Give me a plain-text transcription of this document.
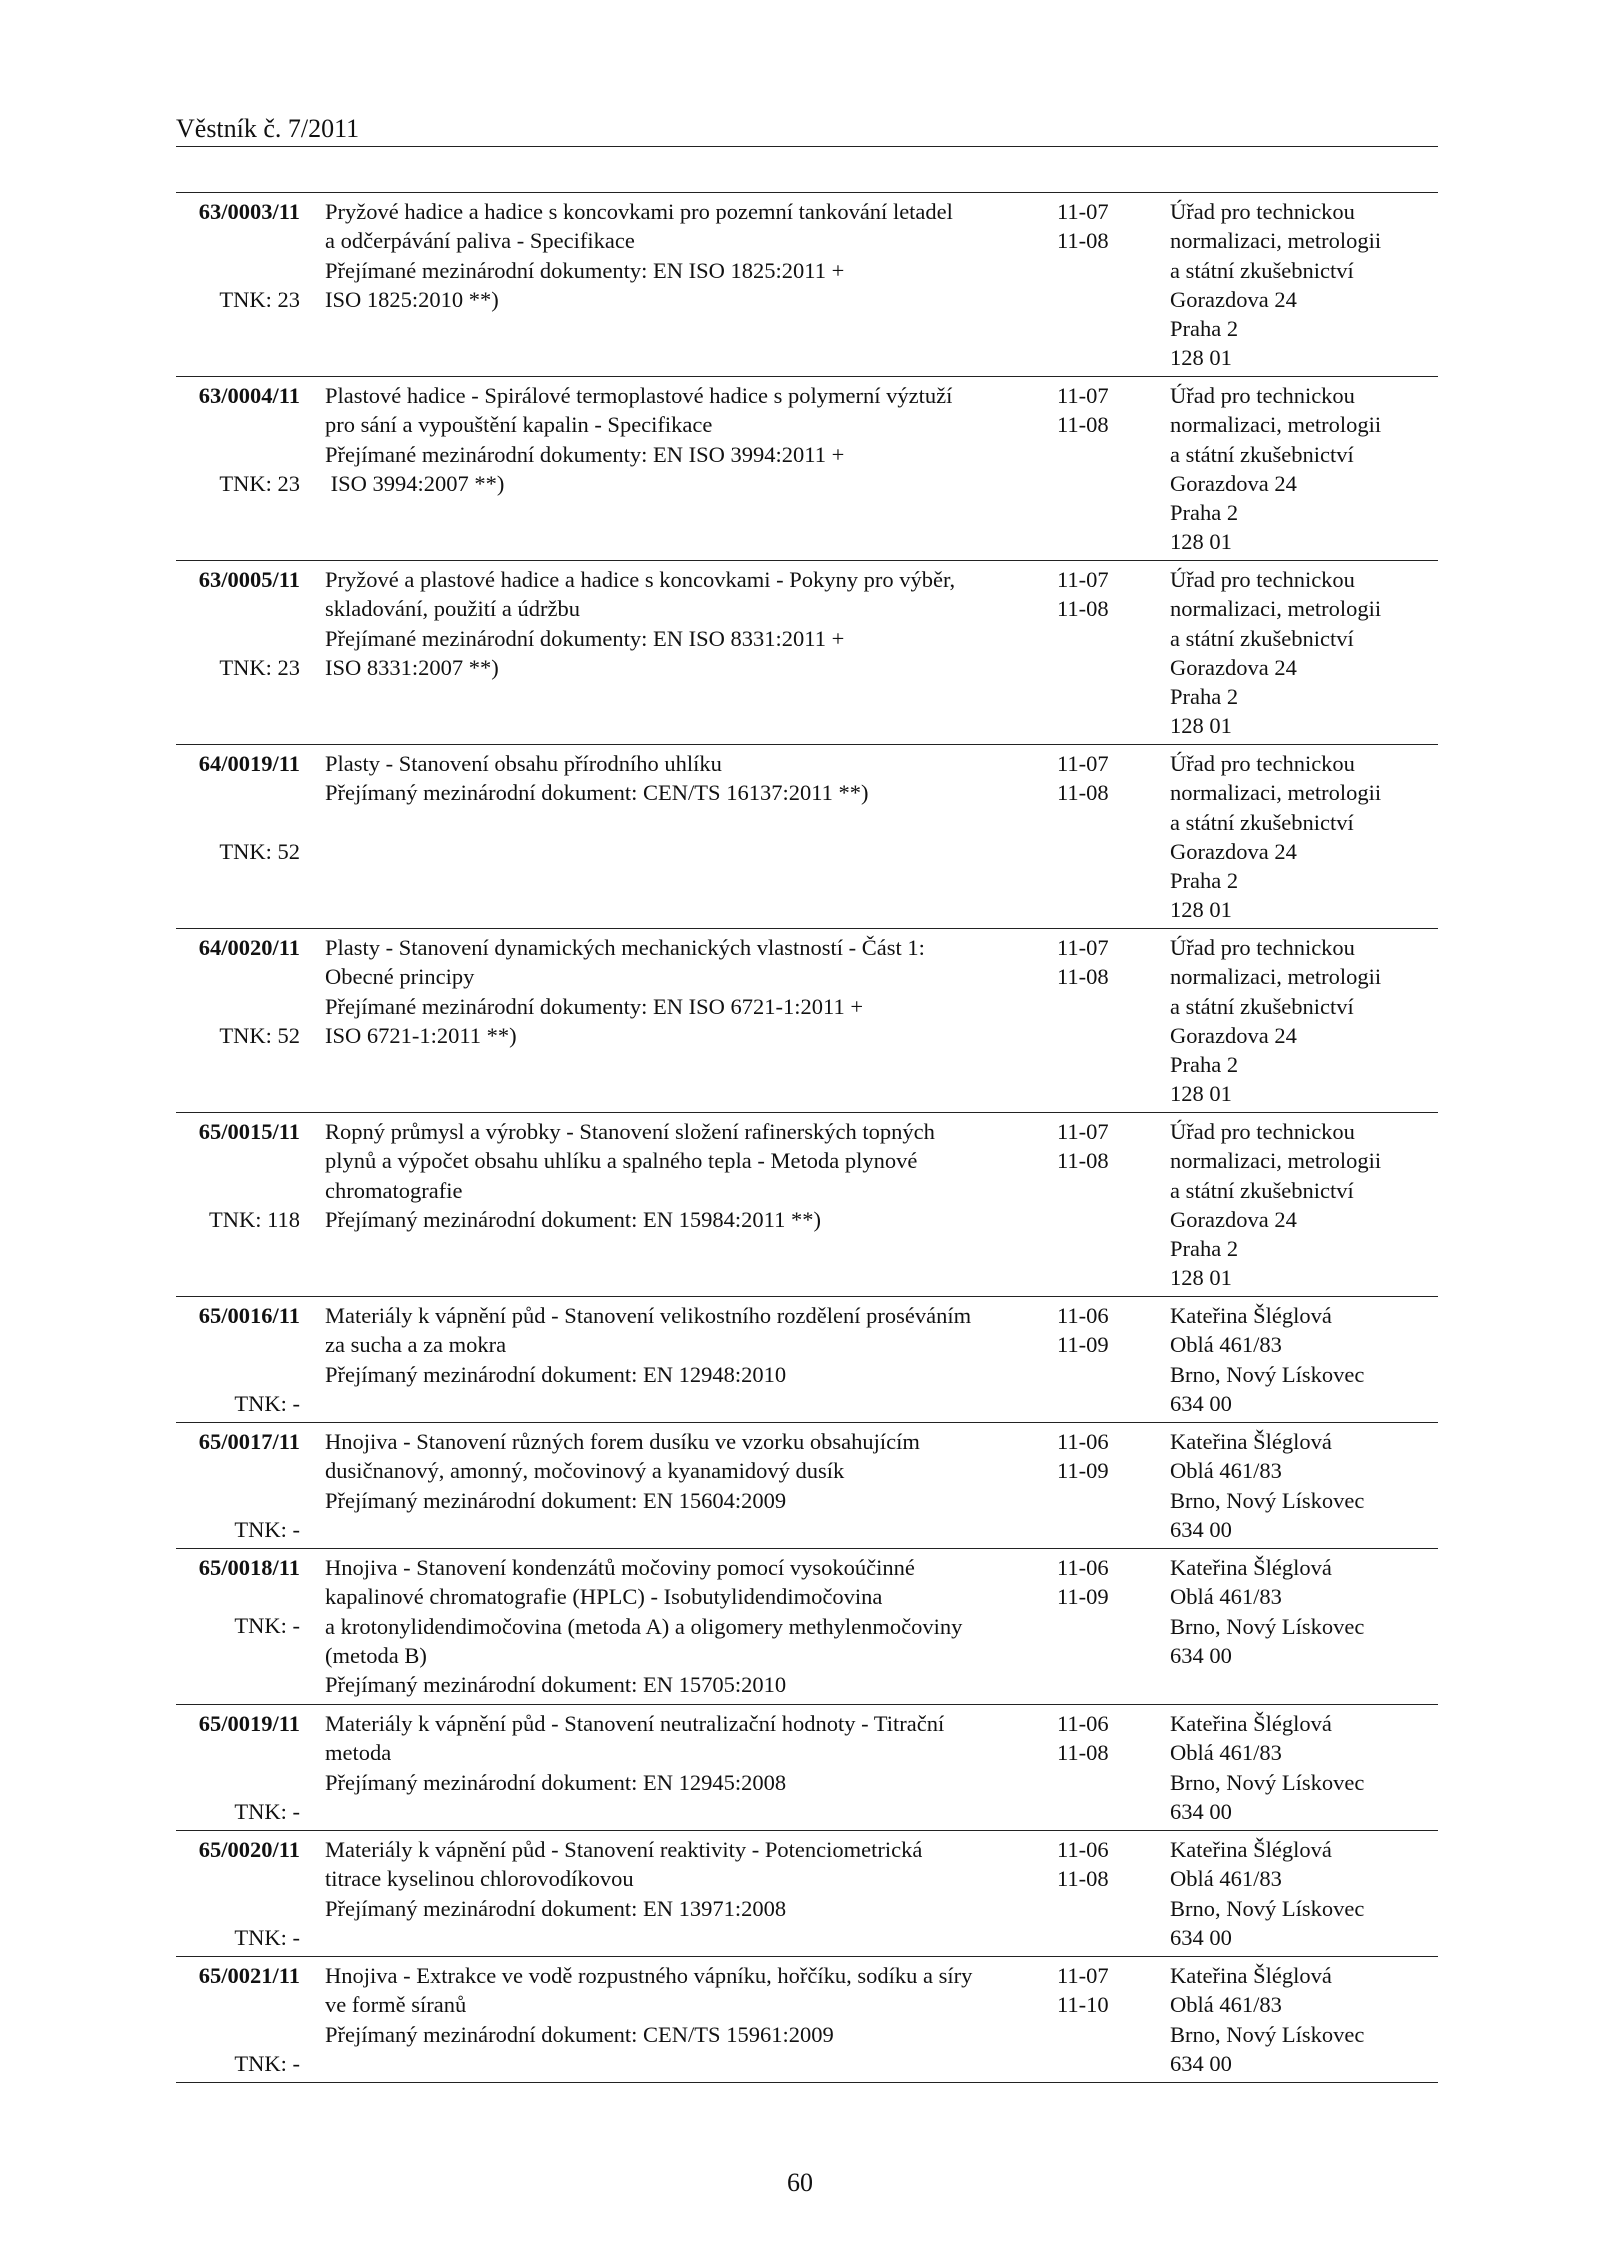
Věstník č. 7/2011
63/0003/11
TNK: 23
Pryžové hadice a hadice s koncovkami pro pozemní tankování letadel
a odčerpávání paliva - Specifikace
Přejímané mezinárodní dokumenty: EN ISO 1825:2011 +
ISO 1825:2010 **)
11-07
11-08
Úřad pro technickou
normalizaci, metrologii
a státní zkušebnictví
Gorazdova 24
Praha 2
128 01
63/0004/11
TNK: 23
Plastové hadice - Spirálové termoplastové hadice s polymerní výztuží
pro sání a vypouštění kapalin - Specifikace
Přejímané mezinárodní dokumenty: EN ISO 3994:2011 +
ISO 3994:2007 **)
11-07
11-08
Úřad pro technickou
normalizaci, metrologii
a státní zkušebnictví
Gorazdova 24
Praha 2
128 01
63/0005/11
TNK: 23
Pryžové a plastové hadice a hadice s koncovkami - Pokyny pro výběr,
skladování, použití a údržbu
Přejímané mezinárodní dokumenty: EN ISO 8331:2011 +
ISO 8331:2007 **)
11-07
11-08
Úřad pro technickou
normalizaci, metrologii
a státní zkušebnictví
Gorazdova 24
Praha 2
128 01
64/0019/11
TNK: 52
Plasty - Stanovení obsahu přírodního uhlíku
Přejímaný mezinárodní dokument: CEN/TS 16137:2011 **)
11-07
11-08
Úřad pro technickou
normalizaci, metrologii
a státní zkušebnictví
Gorazdova 24
Praha 2
128 01
64/0020/11
TNK: 52
Plasty - Stanovení dynamických mechanických vlastností - Část 1:
Obecné principy
Přejímané mezinárodní dokumenty: EN ISO 6721-1:2011 +
ISO 6721-1:2011 **)
11-07
11-08
Úřad pro technickou
normalizaci, metrologii
a státní zkušebnictví
Gorazdova 24
Praha 2
128 01
65/0015/11
TNK: 118
Ropný průmysl a výrobky - Stanovení složení rafinerských topných
plynů a výpočet obsahu uhlíku a spalného tepla - Metoda plynové
chromatografie
Přejímaný mezinárodní dokument: EN 15984:2011 **)
11-07
11-08
Úřad pro technickou
normalizaci, metrologii
a státní zkušebnictví
Gorazdova 24
Praha 2
128 01
65/0016/11
TNK: -
Materiály k vápnění půd - Stanovení velikostního rozdělení proséváním
za sucha a za mokra
Přejímaný mezinárodní dokument: EN 12948:2010
11-06
11-09
Kateřina Šléglová
Oblá 461/83
Brno, Nový Lískovec
634 00
65/0017/11
TNK: -
Hnojiva - Stanovení různých forem dusíku ve vzorku obsahujícím
dusičnanový, amonný, močovinový a kyanamidový dusík
Přejímaný mezinárodní dokument: EN 15604:2009
11-06
11-09
Kateřina Šléglová
Oblá 461/83
Brno, Nový Lískovec
634 00
65/0018/11
TNK: -
Hnojiva - Stanovení kondenzátů močoviny pomocí vysokoúčinné
kapalinové chromatografie (HPLC) - Isobutylidendimočovina
a krotonylidendimočovina (metoda A) a oligomery methylenmočoviny
(metoda B)
Přejímaný mezinárodní dokument: EN 15705:2010
11-06
11-09
Kateřina Šléglová
Oblá 461/83
Brno, Nový Lískovec
634 00
65/0019/11
TNK: -
Materiály k vápnění půd - Stanovení neutralizační hodnoty - Titrační
metoda
Přejímaný mezinárodní dokument: EN 12945:2008
11-06
11-08
Kateřina Šléglová
Oblá 461/83
Brno, Nový Lískovec
634 00
65/0020/11
TNK: -
Materiály k vápnění půd - Stanovení reaktivity - Potenciometrická
titrace kyselinou chlorovodíkovou
Přejímaný mezinárodní dokument: EN 13971:2008
11-06
11-08
Kateřina Šléglová
Oblá 461/83
Brno, Nový Lískovec
634 00
65/0021/11
TNK: -
Hnojiva - Extrakce ve vodě rozpustného vápníku, hořčíku, sodíku a síry
ve formě síranů
Přejímaný mezinárodní dokument: CEN/TS 15961:2009
11-07
11-10
Kateřina Šléglová
Oblá 461/83
Brno, Nový Lískovec
634 00
60
